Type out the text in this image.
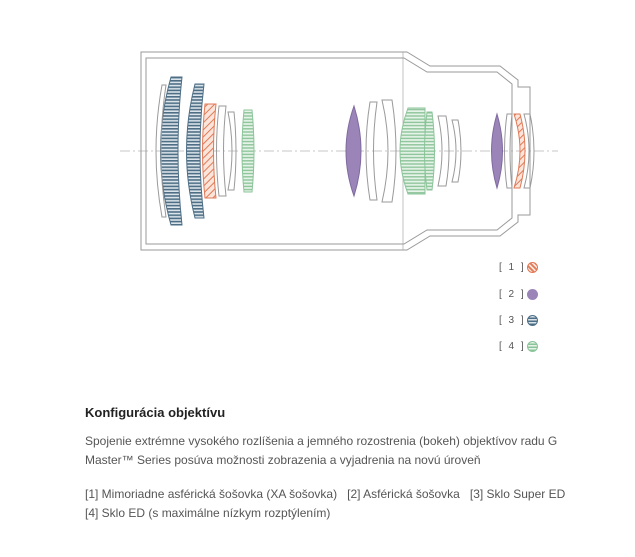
[ 1 ]
[ 2 ]
[ 3 ]
[ 4 ]
Konfigurácia objektívu
Spojenie extrémne vysokého rozlíšenia a jemného rozostrenia (bokeh) objektívov radu G Master™ Series posúva možnosti zobrazenia a vyjadrenia na novú úroveň
[1] Mimoriadne asférická šošovka (XA šošovka) [2] Asférická šošovka [3] Sklo Super ED
[4] Sklo ED (s maximálne nízkym rozptýlením)
